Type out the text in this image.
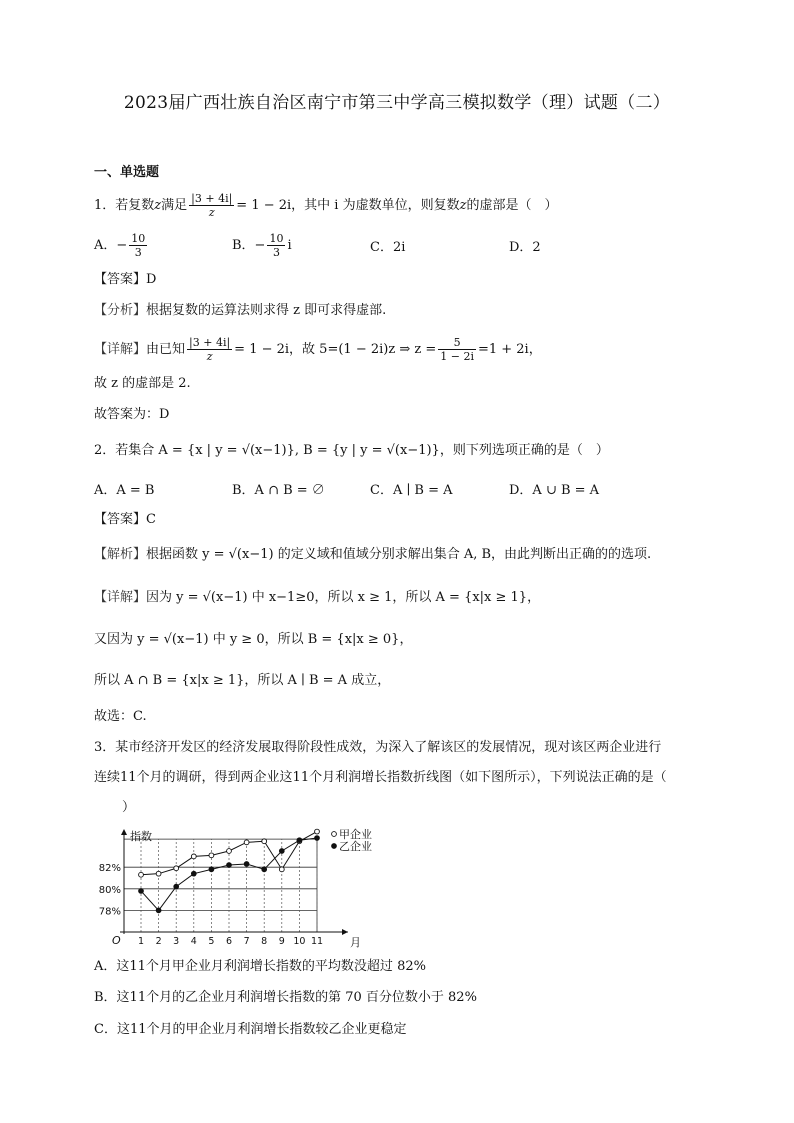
2023届广西壮族自治区南宁市第三中学高三模拟数学（理）试题（二）
一、单选题
1．若复数z满足 $\frac{|3 + 4i|}{z} = 1 - 2i$，其中 i 为虚数单位，则复数z的虚部是（　）
A．− $\frac{10}{3}$	B．− $\frac{10}{3}$ i	C．2i	D．2
【答案】D
【分析】根据复数的运算法则求得 z 即可求得虚部.
【详解】由已知 $\frac{|3 + 4i|}{z} = 1 - 2i$，故 5=(1 − 2i)z ⇒ $z = \frac{5}{1 - 2i} =1 + 2i$，
故 z 的虚部是 2.
故答案为：D
2．若集合 A = {x | y = √(x−1)}, B = {y | y = √(x−1)}，则下列选项正确的是（　）
A．A = B	B．A ∩ B = ∅	C．A ∣ B = A	D．A ∪ B = A
【答案】C
【解析】根据函数 y = √(x−1) 的定义域和值域分别求解出集合 A, B，由此判断出正确的的选项.
【详解】因为 y = √(x−1) 中 x−1≥0，所以 x ≥ 1，所以 A = {x|x ≥ 1}，
又因为 y = √(x−1) 中 y ≥ 0，所以 B = {x|x ≥ 0}，
所以 A ∩ B = {x|x ≥ 1}，所以 A ∣ B = A 成立，
故选：C.
3．某市经济开发区的经济发展取得阶段性成效，为深入了解该区的发展情况，现对该区两企业进行
连续11个月的调研，得到两企业这11个月利润增长指数折线图（如下图所示），下列说法正确的是（
）
82%
80%
78%
1 2 3 4 5 6 7 8 9 10 11
指数
月
O
甲企业
乙企业
A．这11个月甲企业月利润增长指数的平均数没超过 82%
B．这11个月的乙企业月利润增长指数的第 70 百分位数小于 82%
C．这11个月的甲企业月利润增长指数较乙企业更稳定
